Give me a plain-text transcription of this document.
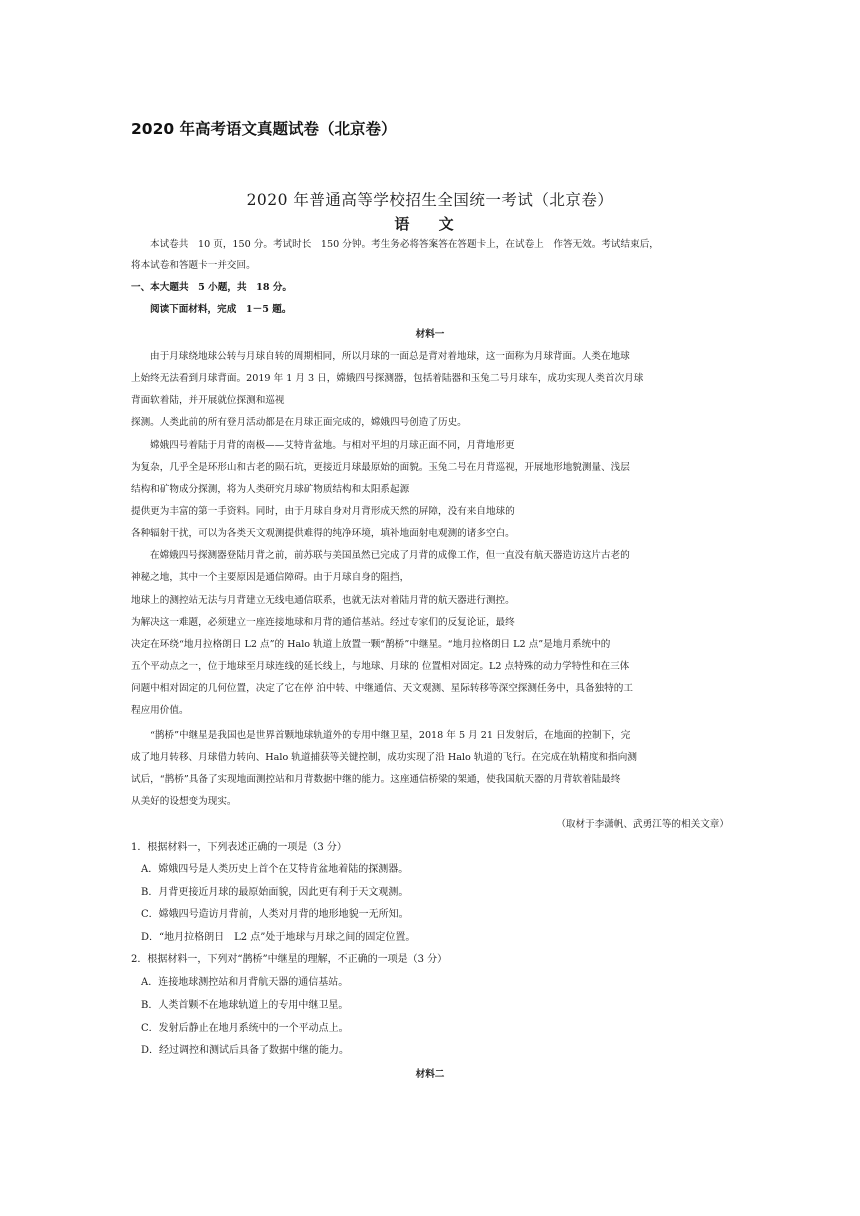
2020 年高考语文真题试卷（北京卷）
2020 年普通高等学校招生全国统一考试（北京卷）
语 文
本试卷共　10 页，150 分。考试时长　150 分钟。考生务必将答案答在答题卡上，在试卷上　作答无效。考试结束后，
将本试卷和答题卡一并交回。
一、本大题共　5 小题，共　18 分。
阅读下面材料，完成　1－5 题。
材料一
由于月球绕地球公转与月球自转的周期相同，所以月球的一面总是背对着地球，这一面称为月球背面。人类在地球
上始终无法看到月球背面。2019 年 1 月 3 日，嫦娥四号探测器，包括着陆器和玉兔二号月球车，成功实现人类首次月球
背面软着陆，并开展就位探测和巡视
探测。人类此前的所有登月活动都是在月球正面完成的，嫦娥四号创造了历史。
嫦娥四号着陆于月背的南极——艾特肯盆地。与相对平坦的月球正面不同，月背地形更
为复杂，几乎全是环形山和古老的陨石坑，更接近月球最原始的面貌。玉兔二号在月背巡视，开展地形地貌测量、浅层
结构和矿物成分探测，将为人类研究月球矿物质结构和太阳系起源
提供更为丰富的第一手资料。同时，由于月球自身对月背形成天然的屏障，没有来自地球的
各种辐射干扰，可以为各类天文观测提供难得的纯净环境，填补地面射电观测的诸多空白。
在嫦娥四号探测器登陆月背之前，前苏联与美国虽然已完成了月背的成像工作，但一直没有航天器造访这片古老的
神秘之地，其中一个主要原因是通信障碍。由于月球自身的阻挡，
地球上的测控站无法与月背建立无线电通信联系，也就无法对着陆月背的航天器进行测控。
为解决这一难题，必须建立一座连接地球和月背的通信基站。经过专家们的反复论证，最终
决定在环绕“地月拉格朗日 L2 点”的 Halo 轨道上放置一颗“鹊桥”中继星。“地月拉格朗日 L2 点”是地月系统中的
五个平动点之一，位于地球至月球连线的延长线上，与地球、月球的 位置相对固定。L2 点特殊的动力学特性和在三体
问题中相对固定的几何位置，决定了它在停 泊中转、中继通信、天文观测、星际转移等深空探测任务中，具备独特的工
程应用价值。
“鹊桥”中继星是我国也是世界首颗地球轨道外的专用中继卫星，2018 年 5 月 21 日发射后，在地面的控制下，完
成了地月转移、月球借力转向、Halo 轨道捕获等关键控制，成功实现了沿 Halo 轨道的飞行。在完成在轨精度和指向测
试后，“鹊桥”具备了实现地面测控站和月背数据中继的能力。这座通信桥梁的架通，使我国航天器的月背软着陆最终
从美好的设想变为现实。
（取材于李潇帆、武勇江等的相关文章）
1．根据材料一，下列表述正确的一项是（3 分）
A．嫦娥四号是人类历史上首个在艾特肯盆地着陆的探测器。
B．月背更接近月球的最原始面貌，因此更有利于天文观测。
C．嫦娥四号造访月背前，人类对月背的地形地貌一无所知。
D．“地月拉格朗日　L2 点”处于地球与月球之间的固定位置。
2．根据材料一，下列对“鹊桥”中继星的理解，不正确的一项是（3 分）
A．连接地球测控站和月背航天器的通信基站。
B．人类首颗不在地球轨道上的专用中继卫星。
C．发射后静止在地月系统中的一个平动点上。
D．经过调控和测试后具备了数据中继的能力。
材料二
